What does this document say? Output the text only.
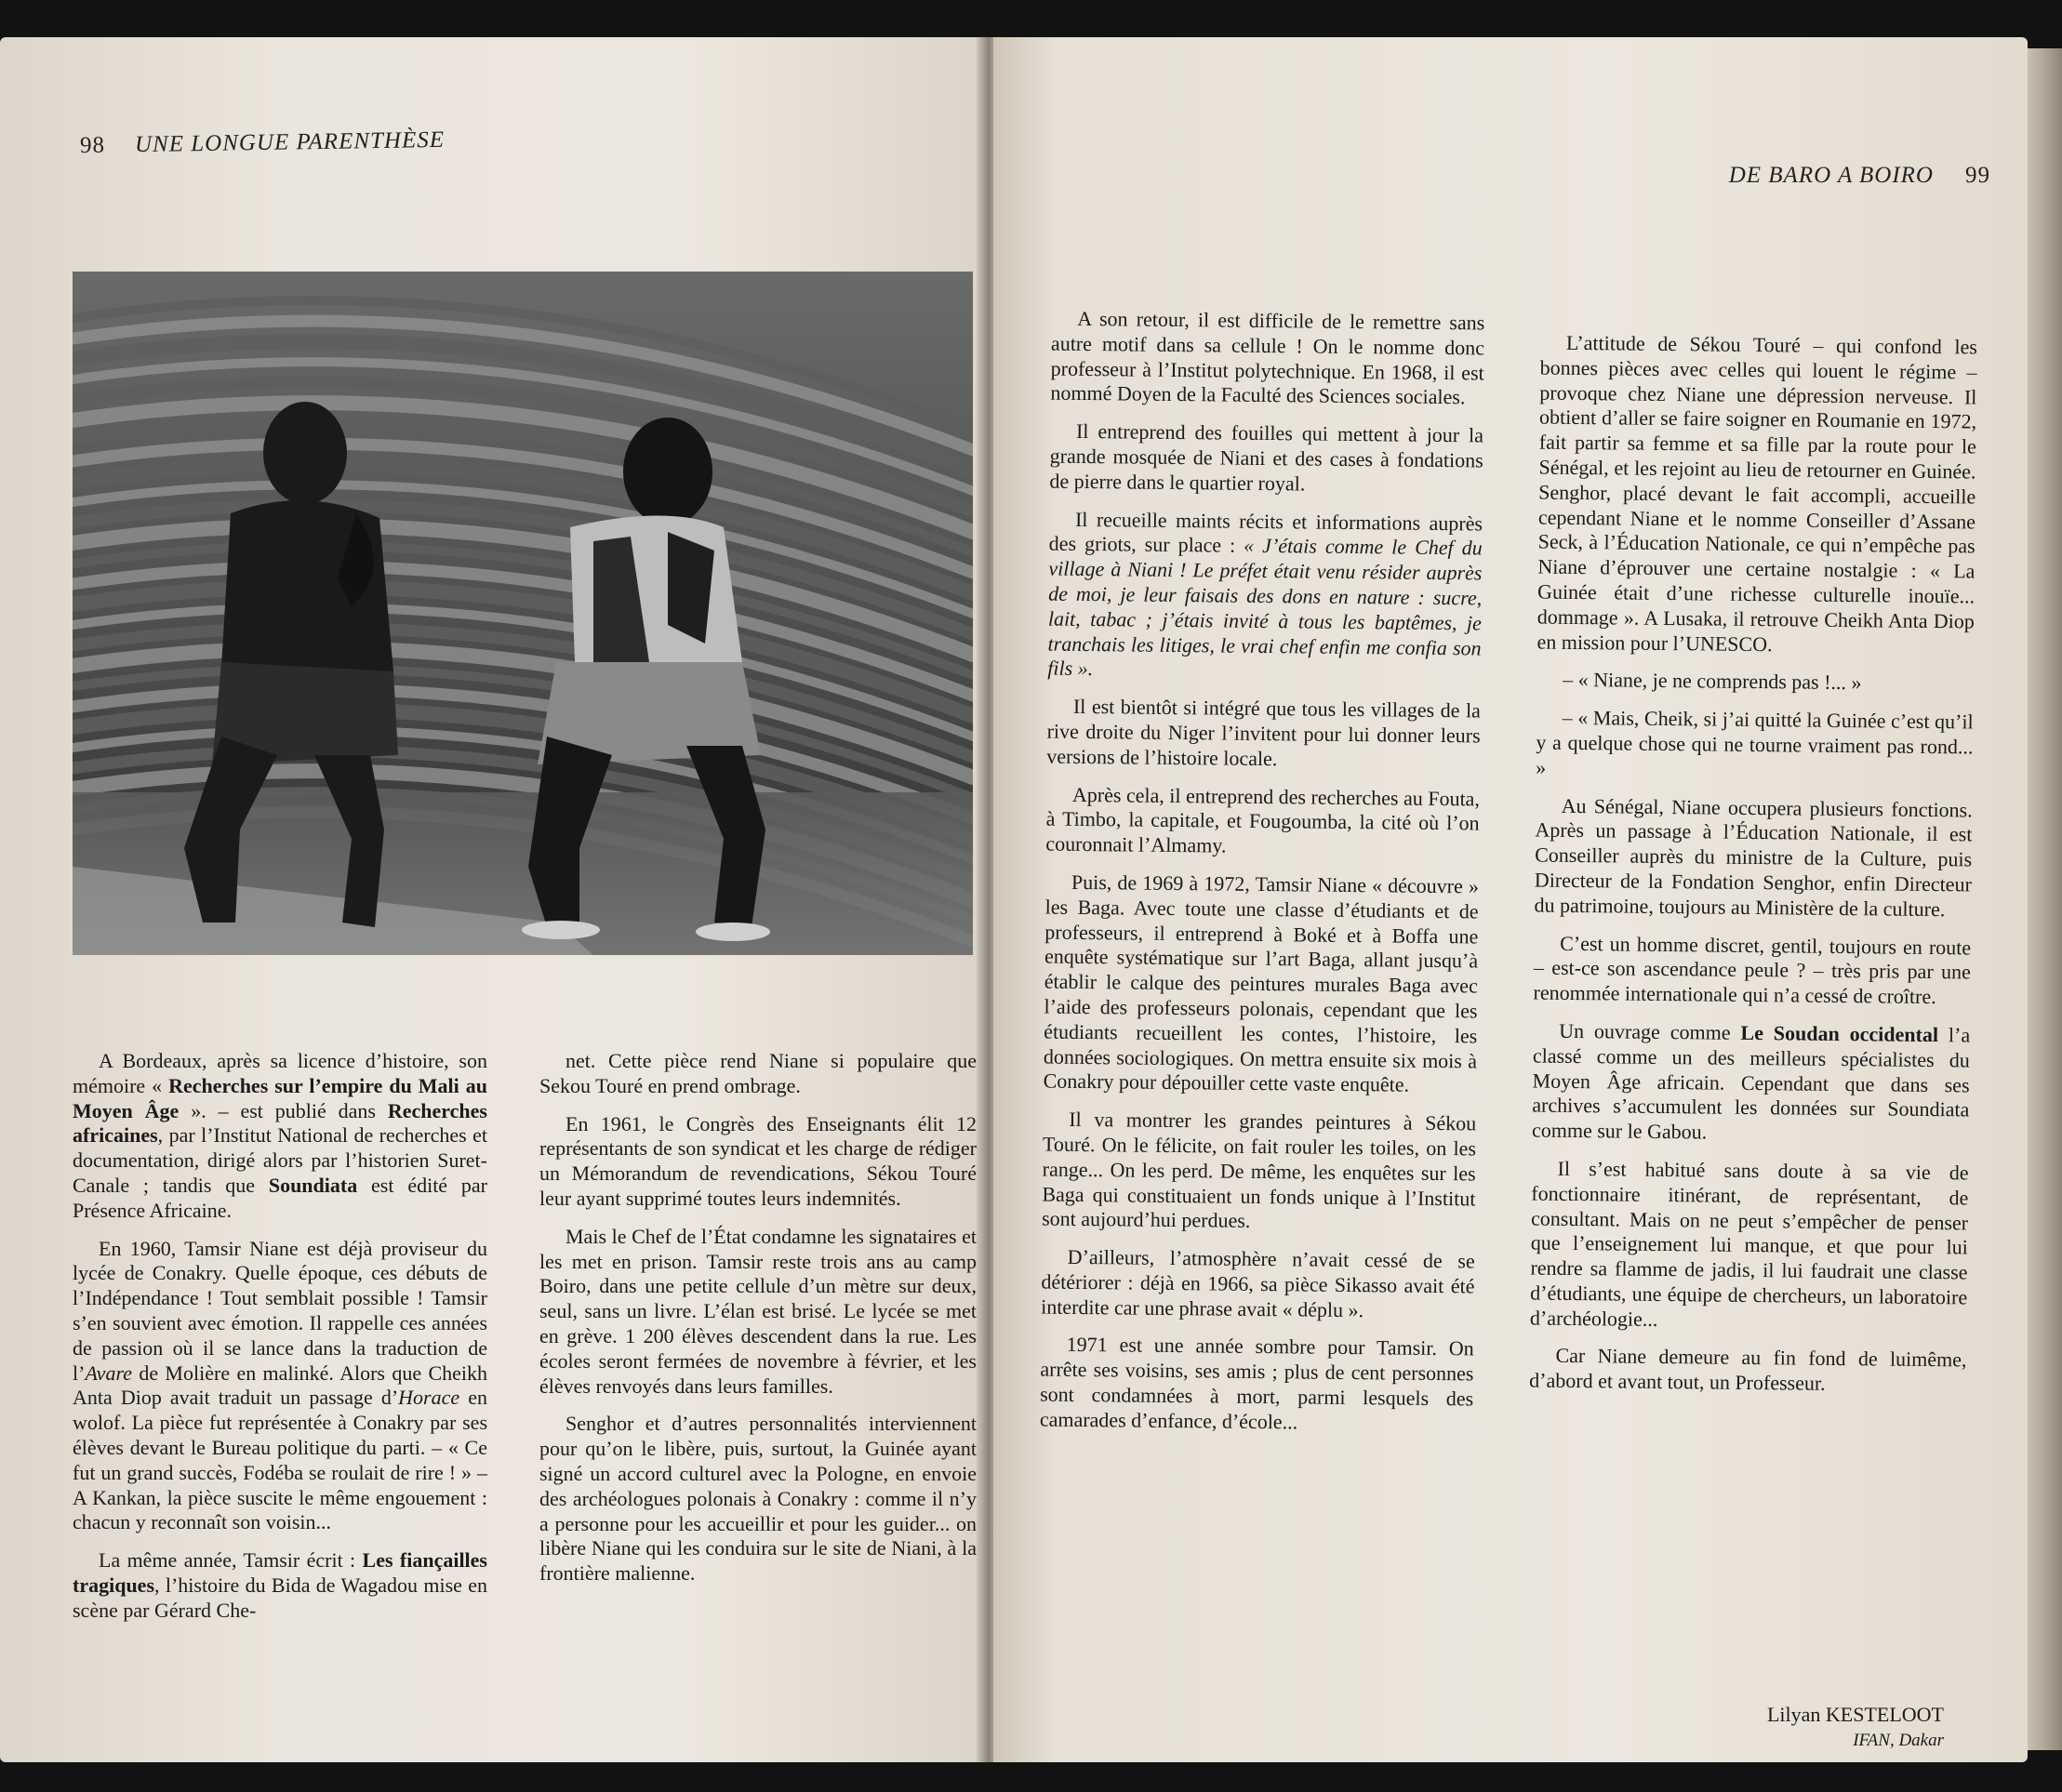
98 UNE LONGUE PARENTHÈSE

A Bordeaux, après sa licence d’histoire, son mémoire « Recherches sur l’empire du Mali au Moyen Âge ». – est publié dans Recherches africaines, par l’Institut National de recherches et documentation, dirigé alors par l’historien Suret-Canale ; tandis que Soundiata est édité par Présence Africaine.

En 1960, Tamsir Niane est déjà proviseur du lycée de Conakry. Quelle époque, ces débuts de l’Indépendance ! Tout semblait possible ! Tamsir s’en souvient avec émotion. Il rappelle ces années de passion où il se lance dans la traduction de l’Avare de Molière en malinké. Alors que Cheikh Anta Diop avait traduit un passage d’Horace en wolof. La pièce fut représentée à Conakry par ses élèves devant le Bureau politique du parti. – « Ce fut un grand succès, Fodéba se roulait de rire ! » – A Kankan, la pièce suscite le même engouement : chacun y reconnaît son voisin...

La même année, Tamsir écrit : Les fiançailles tragiques, l’histoire du Bida de Wagadou mise en scène par Gérard Che-

net. Cette pièce rend Niane si populaire que Sekou Touré en prend ombrage.

En 1961, le Congrès des Enseignants élit 12 représentants de son syndicat et les charge de rédiger un Mémorandum de revendications, Sékou Touré leur ayant supprimé toutes leurs indemnités.

Mais le Chef de l’État condamne les signataires et les met en prison. Tamsir reste trois ans au camp Boiro, dans une petite cellule d’un mètre sur deux, seul, sans un livre. L’élan est brisé. Le lycée se met en grève. 1 200 élèves descendent dans la rue. Les écoles seront fermées de novembre à février, et les élèves renvoyés dans leurs familles.

Senghor et d’autres personnalités interviennent pour qu’on le libère, puis, surtout, la Guinée ayant signé un accord culturel avec la Pologne, en envoie des archéologues polonais à Conakry : comme il n’y a personne pour les accueillir et pour les guider... on libère Niane qui les conduira sur le site de Niani, à la frontière malienne.

DE BARO A BOIRO 99

A son retour, il est difficile de le remettre sans autre motif dans sa cellule ! On le nomme donc professeur à l’Institut polytechnique. En 1968, il est nommé Doyen de la Faculté des Sciences sociales.

Il entreprend des fouilles qui mettent à jour la grande mosquée de Niani et des cases à fondations de pierre dans le quartier royal.

Il recueille maints récits et informations auprès des griots, sur place : « J’étais comme le Chef du village à Niani ! Le préfet était venu résider auprès de moi, je leur faisais des dons en nature : sucre, lait, tabac ; j’étais invité à tous les baptêmes, je tranchais les litiges, le vrai chef enfin me confia son fils ».

Il est bientôt si intégré que tous les villages de la rive droite du Niger l’invitent pour lui donner leurs versions de l’histoire locale.

Après cela, il entreprend des recherches au Fouta, à Timbo, la capitale, et Fougoumba, la cité où l’on couronnait l’Almamy.

Puis, de 1969 à 1972, Tamsir Niane « découvre » les Baga. Avec toute une classe d’étudiants et de professeurs, il entreprend à Boké et à Boffa une enquête systématique sur l’art Baga, allant jusqu’à établir le calque des peintures murales Baga avec l’aide des professeurs polonais, cependant que les étudiants recueillent les contes, l’histoire, les données sociologiques. On mettra ensuite six mois à Conakry pour dépouiller cette vaste enquête.

Il va montrer les grandes peintures à Sékou Touré. On le félicite, on fait rouler les toiles, on les range... On les perd. De même, les enquêtes sur les Baga qui constituaient un fonds unique à l’Institut sont aujourd’hui perdues.

D’ailleurs, l’atmosphère n’avait cessé de se détériorer : déjà en 1966, sa pièce Sikasso avait été interdite car une phrase avait « déplu ».

1971 est une année sombre pour Tamsir. On arrête ses voisins, ses amis ; plus de cent personnes sont condamnées à mort, parmi lesquels des camarades d’enfance, d’école...

L’attitude de Sékou Touré – qui confond les bonnes pièces avec celles qui louent le régime – provoque chez Niane une dépression nerveuse. Il obtient d’aller se faire soigner en Roumanie en 1972, fait partir sa femme et sa fille par la route pour le Sénégal, et les rejoint au lieu de retourner en Guinée. Senghor, placé devant le fait accompli, accueille cependant Niane et le nomme Conseiller d’Assane Seck, à l’Éducation Nationale, ce qui n’empêche pas Niane d’éprouver une certaine nostalgie : « La Guinée était d’une richesse culturelle inouïe... dommage ». A Lusaka, il retrouve Cheikh Anta Diop en mission pour l’UNESCO.

– « Niane, je ne comprends pas !... »

– « Mais, Cheik, si j’ai quitté la Guinée c’est qu’il y a quelque chose qui ne tourne vraiment pas rond... »

Au Sénégal, Niane occupera plusieurs fonctions. Après un passage à l’Éducation Nationale, il est Conseiller auprès du ministre de la Culture, puis Directeur de la Fondation Senghor, enfin Directeur du patrimoine, toujours au Ministère de la culture.

C’est un homme discret, gentil, toujours en route – est-ce son ascendance peule ? – très pris par une renommée internationale qui n’a cessé de croître.

Un ouvrage comme Le Soudan occidental l’a classé comme un des meilleurs spécialistes du Moyen Âge africain. Cependant que dans ses archives s’accumulent les données sur Soundiata comme sur le Gabou.

Il s’est habitué sans doute à sa vie de fonctionnaire itinérant, de représentant, de consultant. Mais on ne peut s’empêcher de penser que l’enseignement lui manque, et que pour lui rendre sa flamme de jadis, il lui faudrait une classe d’étudiants, une équipe de chercheurs, un laboratoire d’archéologie...

Car Niane demeure au fin fond de luimême, d’abord et avant tout, un Professeur.

Lilyan KESTELOOT
IFAN, Dakar
